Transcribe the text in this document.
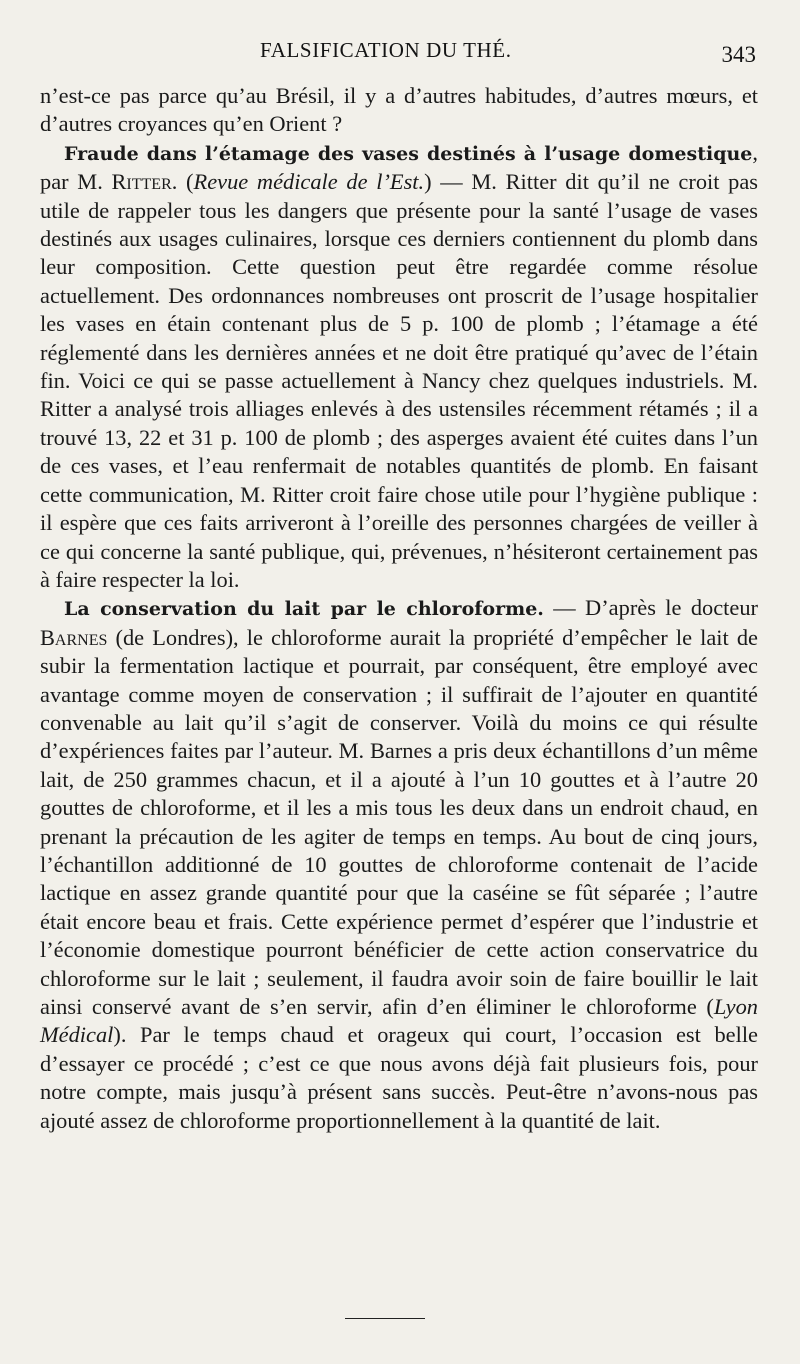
FALSIFICATION DU THÉ.	343

n’est-ce pas parce qu’au Brésil, il y a d’autres habitudes, d’autres mœurs, et d’autres croyances qu’en Orient ?

Fraude dans l’étamage des vases destinés à l’usage domestique, par M. Ritter. (Revue médicale de l’Est.) — M. Ritter dit qu’il ne croit pas utile de rappeler tous les dangers que présente pour la santé l’usage de vases destinés aux usages culinaires, lorsque ces derniers contiennent du plomb dans leur composition. Cette question peut être regardée comme résolue actuellement. Des ordonnances nombreuses ont proscrit de l’usage hospitalier les vases en étain contenant plus de 5 p. 100 de plomb ; l’étamage a été réglementé dans les dernières années et ne doit être pratiqué qu’avec de l’étain fin. Voici ce qui se passe actuellement à Nancy chez quelques industriels. M. Ritter a analysé trois alliages enlevés à des ustensiles récemment rétamés ; il a trouvé 13, 22 et 31 p. 100 de plomb ; des asperges avaient été cuites dans l’un de ces vases, et l’eau renfermait de notables quantités de plomb. En faisant cette communication, M. Ritter croit faire chose utile pour l’hygiène publique : il espère que ces faits arriveront à l’oreille des personnes chargées de veiller à ce qui concerne la santé publique, qui, prévenues, n’hésiteront certainement pas à faire respecter la loi.

La conservation du lait par le chloroforme. — D’après le docteur Barnes (de Londres), le chloroforme aurait la propriété d’empêcher le lait de subir la fermentation lactique et pourrait, par conséquent, être employé avec avantage comme moyen de conservation ; il suffirait de l’ajouter en quantité convenable au lait qu’il s’agit de conserver. Voilà du moins ce qui résulte d’expériences faites par l’auteur. M. Barnes a pris deux échantillons d’un même lait, de 250 grammes chacun, et il a ajouté à l’un 10 gouttes et à l’autre 20 gouttes de chloroforme, et il les a mis tous les deux dans un endroit chaud, en prenant la précaution de les agiter de temps en temps. Au bout de cinq jours, l’échantillon additionné de 10 gouttes de chloroforme contenait de l’acide lactique en assez grande quantité pour que la caséine se fût séparée ; l’autre était encore beau et frais. Cette expérience permet d’espérer que l’industrie et l’économie domestique pourront bénéficier de cette action conservatrice du chloroforme sur le lait ; seulement, il faudra avoir soin de faire bouillir le lait ainsi conservé avant de s’en servir, afin d’en éliminer le chloroforme (Lyon Médical). Par le temps chaud et orageux qui court, l’occasion est belle d’essayer ce procédé ; c’est ce que nous avons déjà fait plusieurs fois, pour notre compte, mais jusqu’à présent sans succès. Peut-être n’avons-nous pas ajouté assez de chloroforme proportionnellement à la quantité de lait.
